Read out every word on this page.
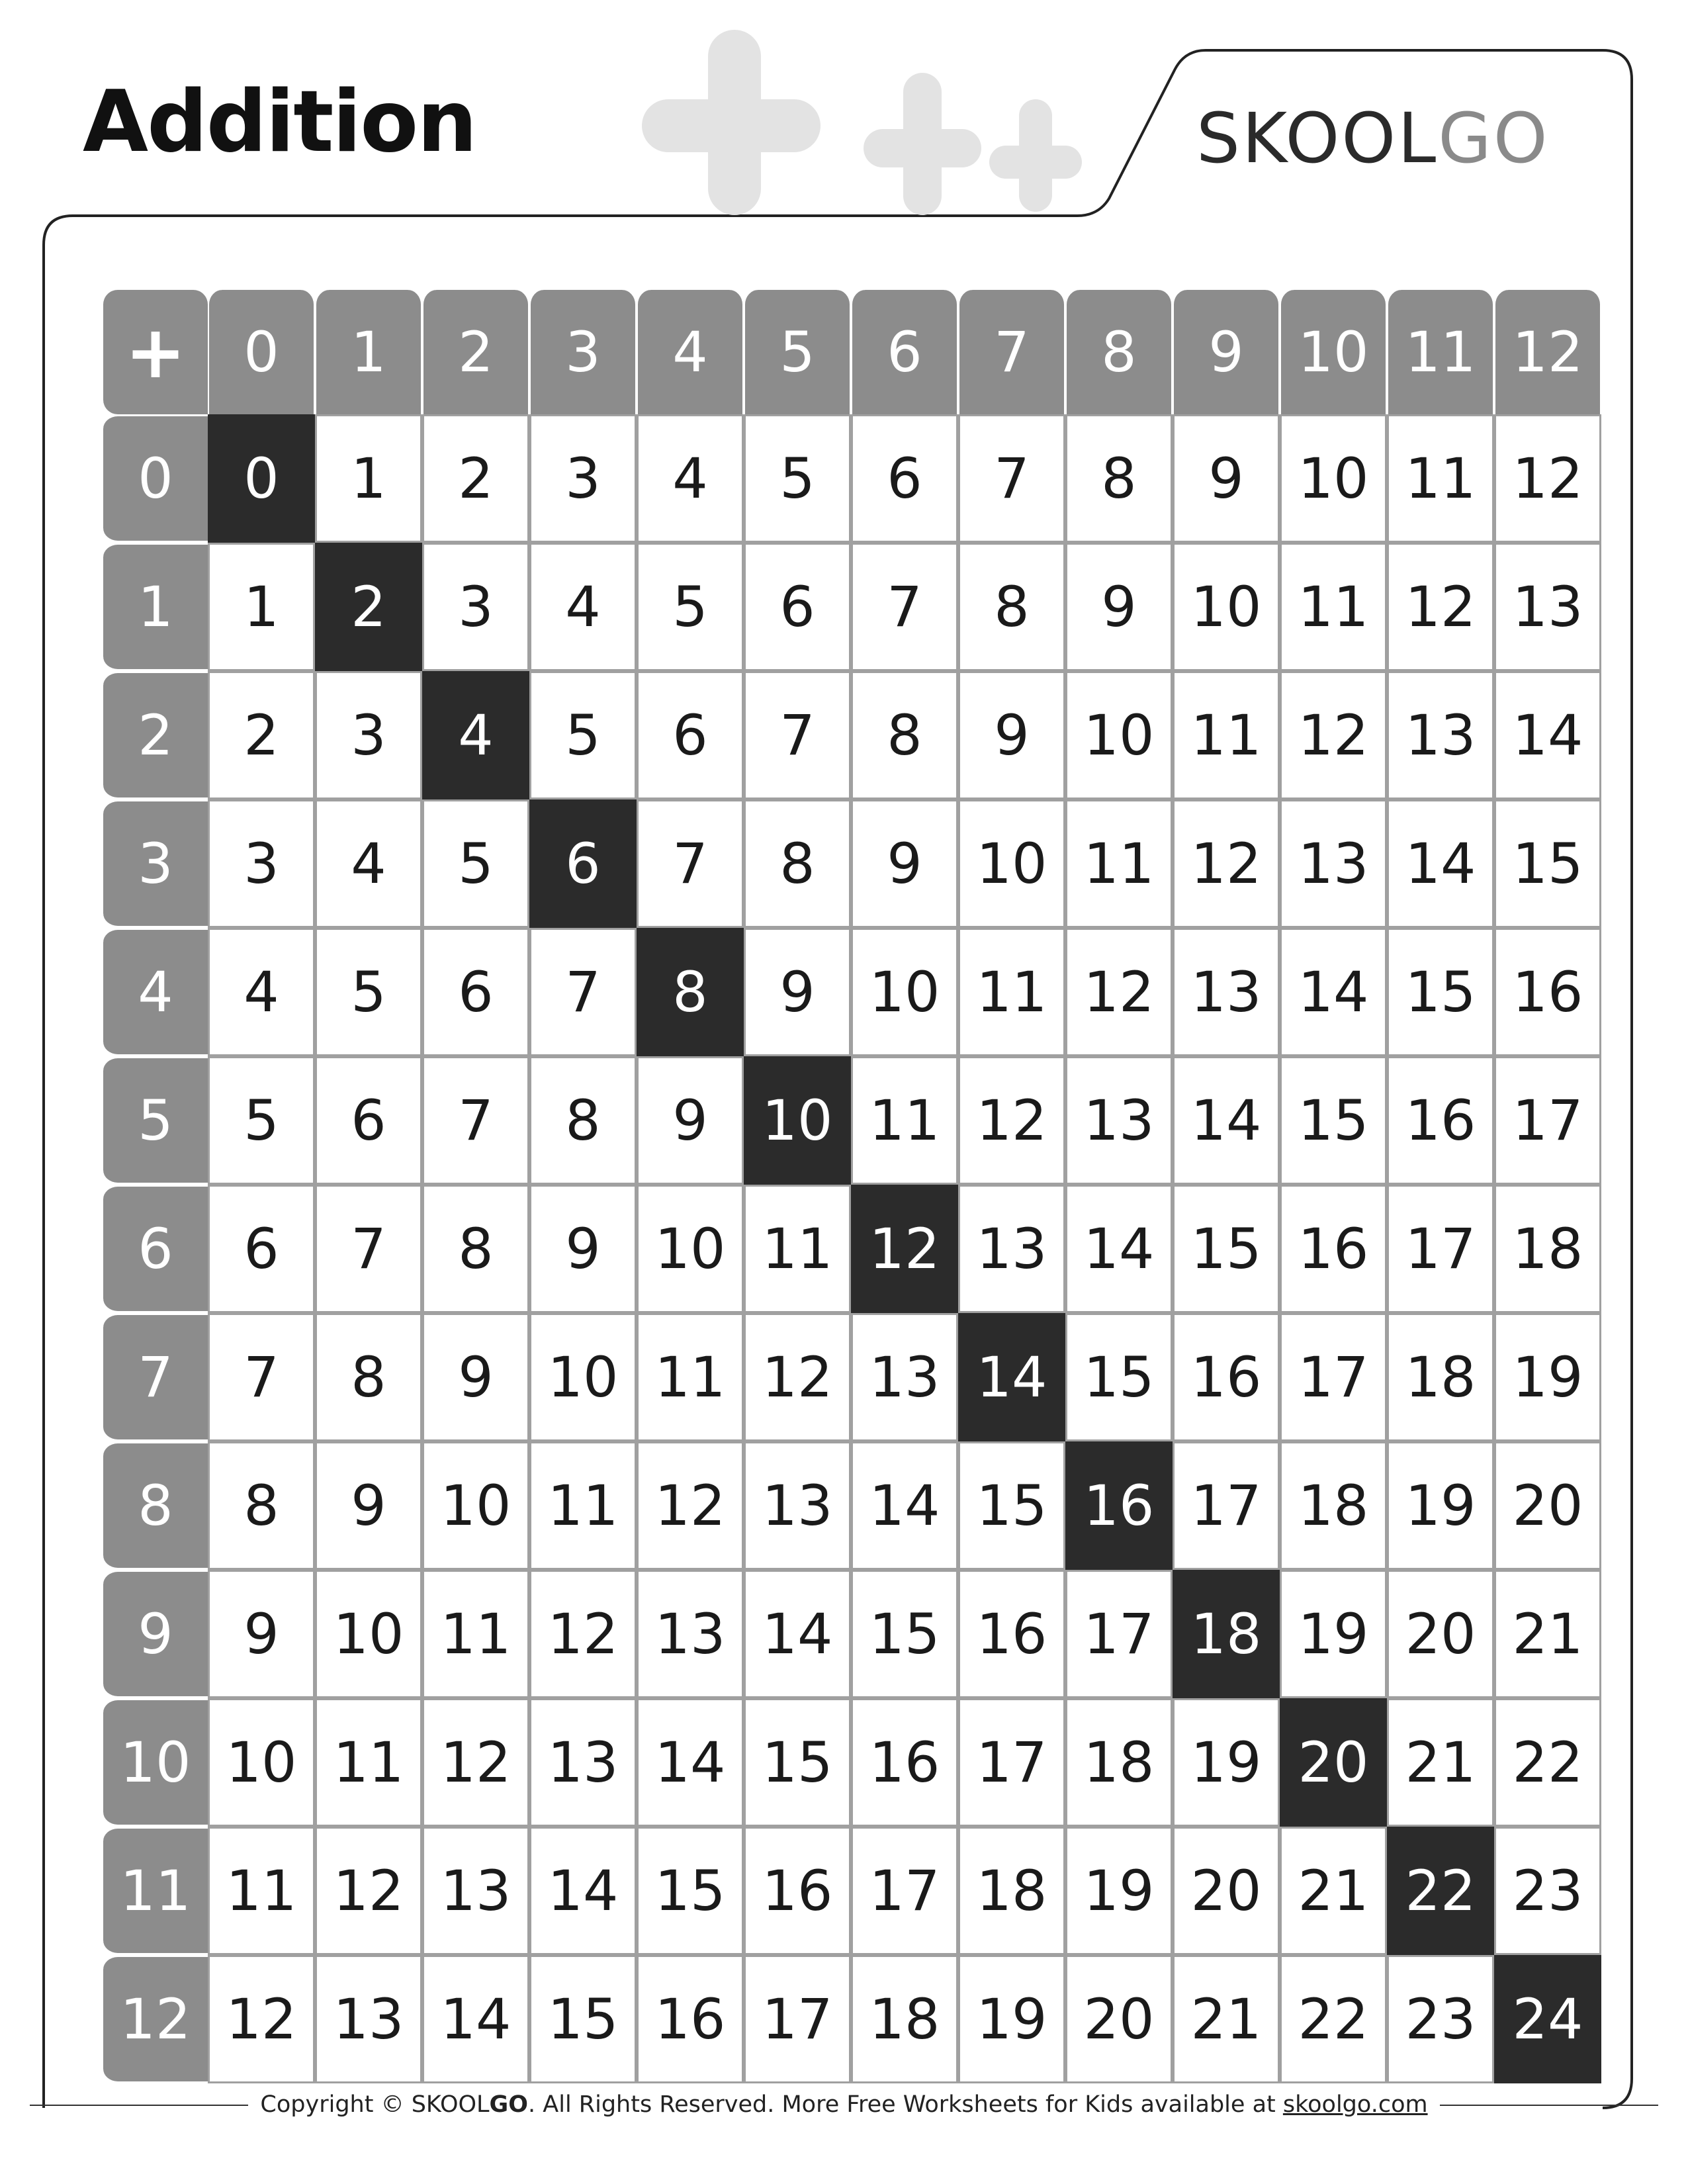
Addition	SKOOLGO
+	0	1	2	3	4	5	6	7	8	9	10	11	12
0	0	1	2	3	4	5	6	7	8	9	10	11	12
1	1	2	3	4	5	6	7	8	9	10	11	12	13
2	2	3	4	5	6	7	8	9	10	11	12	13	14
3	3	4	5	6	7	8	9	10	11	12	13	14	15
4	4	5	6	7	8	9	10	11	12	13	14	15	16
5	5	6	7	8	9	10	11	12	13	14	15	16	17
6	6	7	8	9	10	11	12	13	14	15	16	17	18
7	7	8	9	10	11	12	13	14	15	16	17	18	19
8	8	9	10	11	12	13	14	15	16	17	18	19	20
9	9	10	11	12	13	14	15	16	17	18	19	20	21
10	10	11	12	13	14	15	16	17	18	19	20	21	22
11	11	12	13	14	15	16	17	18	19	20	21	22	23
12	12	13	14	15	16	17	18	19	20	21	22	23	24
Copyright © SKOOLGO. All Rights Reserved. More Free Worksheets for Kids available at skoolgo.com
